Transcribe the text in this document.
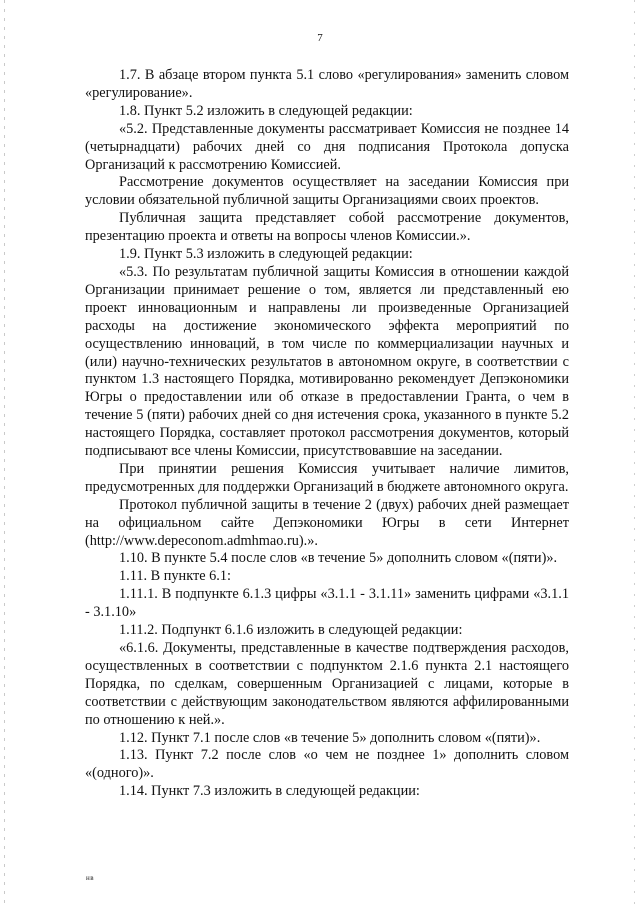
7

1.7. В абзаце втором пункта 5.1 слово «регулирования» заменить словом «регулирование».

1.8. Пункт 5.2 изложить в следующей редакции:

«5.2. Представленные документы рассматривает Комиссия не позднее 14 (четырнадцати) рабочих дней со дня подписания Протокола допуска Организаций к рассмотрению Комиссией.

Рассмотрение документов осуществляет на заседании Комиссия при условии обязательной публичной защиты Организациями своих проектов.

Публичная защита представляет собой рассмотрение документов, презентацию проекта и ответы на вопросы членов Комиссии.».

1.9. Пункт 5.3 изложить в следующей редакции:

«5.3. По результатам публичной защиты Комиссия в отношении каждой Организации принимает решение о том, является ли представленный ею проект инновационным и направлены ли произведенные Организацией расходы на достижение экономического эффекта мероприятий по осуществлению инноваций, в том числе по коммерциализации научных и (или) научно-технических результатов в автономном округе, в соответствии с пунктом 1.3 настоящего Порядка, мотивированно рекомендует Депэкономики Югры о предоставлении или об отказе в предоставлении Гранта, о чем в течение 5 (пяти) рабочих дней со дня истечения срока, указанного в пункте 5.2 настоящего Порядка, составляет протокол рассмотрения документов, который подписывают все члены Комиссии, присутствовавшие на заседании.

При принятии решения Комиссия учитывает наличие лимитов, предусмотренных для поддержки Организаций в бюджете автономного округа.

Протокол публичной защиты в течение 2 (двух) рабочих дней размещает на официальном сайте Депэкономики Югры в сети Интернет (http://www.depeconom.admhmao.ru).».

1.10. В пункте 5.4 после слов «в течение 5» дополнить словом «(пяти)».

1.11. В пункте 6.1:

1.11.1. В подпункте 6.1.3 цифры «3.1.1 - 3.1.11» заменить цифрами «3.1.1 - 3.1.10»

1.11.2. Подпункт 6.1.6 изложить в следующей редакции:

«6.1.6. Документы, представленные в качестве подтверждения расходов, осуществленных в соответствии с подпунктом 2.1.6 пункта 2.1 настоящего Порядка, по сделкам, совершенным Организацией с лицами, которые в соответствии с действующим законодательством являются аффилированными по отношению к ней.».

1.12. Пункт 7.1 после слов «в течение 5» дополнить словом «(пяти)».

1.13. Пункт 7.2 после слов «о чем не позднее 1» дополнить словом «(одного)».

1.14. Пункт 7.3 изложить в следующей редакции:

нв
